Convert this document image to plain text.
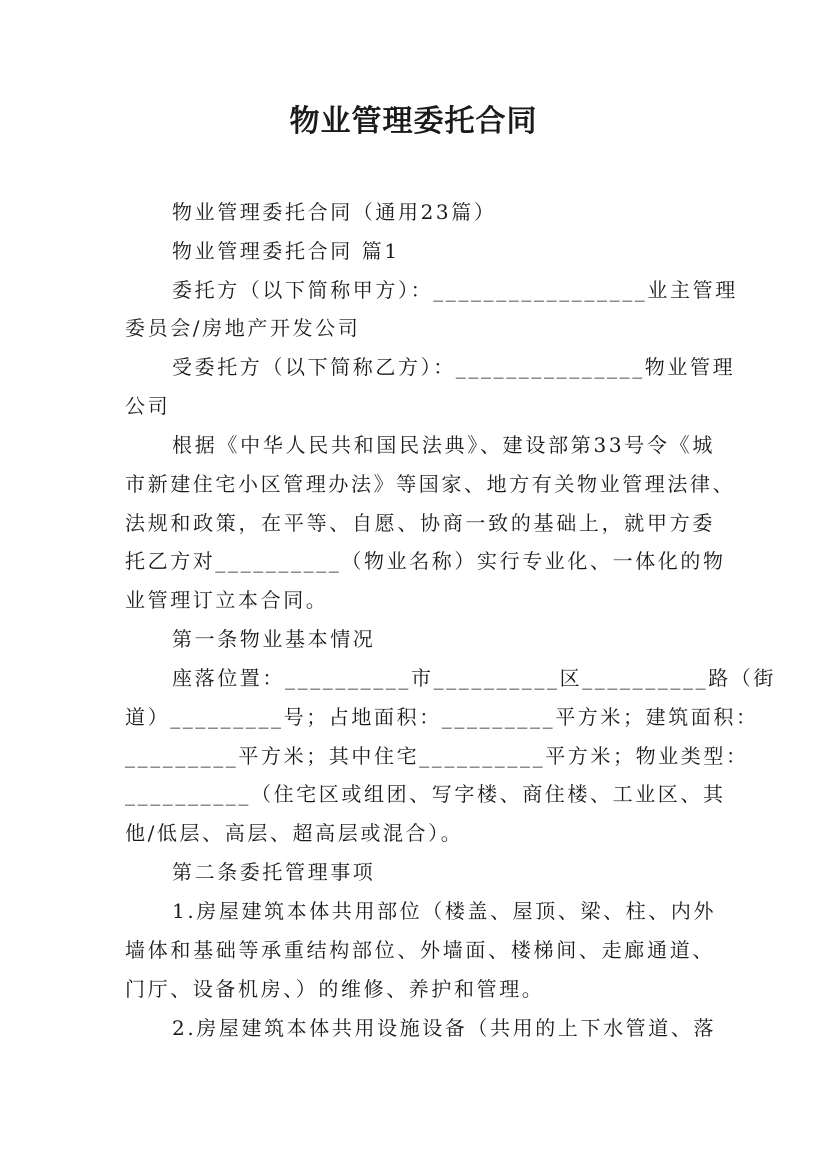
物业管理委托合同
物业管理委托合同（通用23篇）
物业管理委托合同 篇1
委托方（以下简称甲方）：_________________业主管理
委员会/房地产开发公司
受委托方（以下简称乙方）：_______________物业管理
公司
根据《中华人民共和国民法典》、建设部第33号令《城
市新建住宅小区管理办法》等国家、地方有关物业管理法律、
法规和政策，在平等、自愿、协商一致的基础上，就甲方委
托乙方对__________（物业名称）实行专业化、一体化的物
业管理订立本合同。
第一条物业基本情况
座落位置：__________市__________区__________路（街
道）_________号；占地面积：_________平方米；建筑面积：
_________平方米；其中住宅__________平方米；物业类型：
__________（住宅区或组团、写字楼、商住楼、工业区、其
他/低层、高层、超高层或混合）。
第二条委托管理事项
1.房屋建筑本体共用部位（楼盖、屋顶、梁、柱、内外
墙体和基础等承重结构部位、外墙面、楼梯间、走廊通道、
门厅、设备机房、）的维修、养护和管理。
2.房屋建筑本体共用设施设备（共用的上下水管道、落
